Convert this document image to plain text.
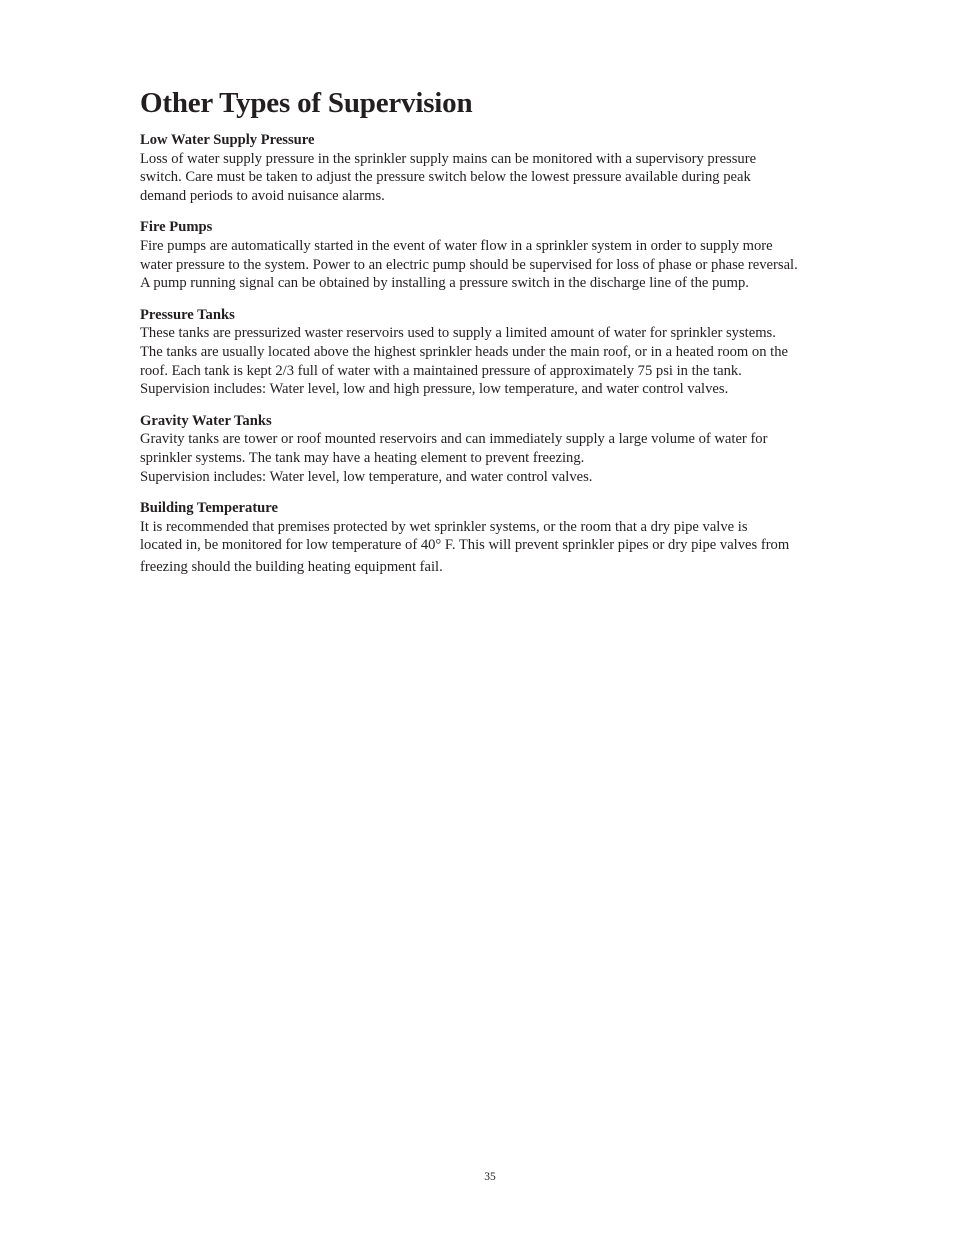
Other Types of Supervision

Low Water Supply Pressure

Loss of water supply pressure in the sprinkler supply mains can be monitored with a supervisory pressure

switch. Care must be taken to adjust the pressure switch below the lowest pressure available during peak

demand periods to avoid nuisance alarms.

Fire Pumps

Fire pumps are automatically started in the event of water flow in a sprinkler system in order to supply more

water pressure to the system. Power to an electric pump should be supervised for loss of phase or phase reversal.

A pump running signal can be obtained by installing a pressure switch in the discharge line of the pump.

Pressure Tanks

These tanks are pressurized waster reservoirs used to supply a limited amount of water for sprinkler systems.

The tanks are usually located above the highest sprinkler heads under the main roof, or in a heated room on the

roof. Each tank is kept 2/3 full of water with a maintained pressure of approximately 75 psi in the tank.

Supervision includes: Water level, low and high pressure, low temperature, and water control valves.

Gravity Water Tanks

Gravity tanks are tower or roof mounted reservoirs and can immediately supply a large volume of water for

sprinkler systems. The tank may have a heating element to prevent freezing.

Supervision includes: Water level, low temperature, and water control valves.

Building Temperature

It is recommended that premises protected by wet sprinkler systems, or the room that a dry pipe valve is

located in, be monitored for low temperature of 40° F. This will prevent sprinkler pipes or dry pipe valves from

freezing should the building heating equipment fail.

35
